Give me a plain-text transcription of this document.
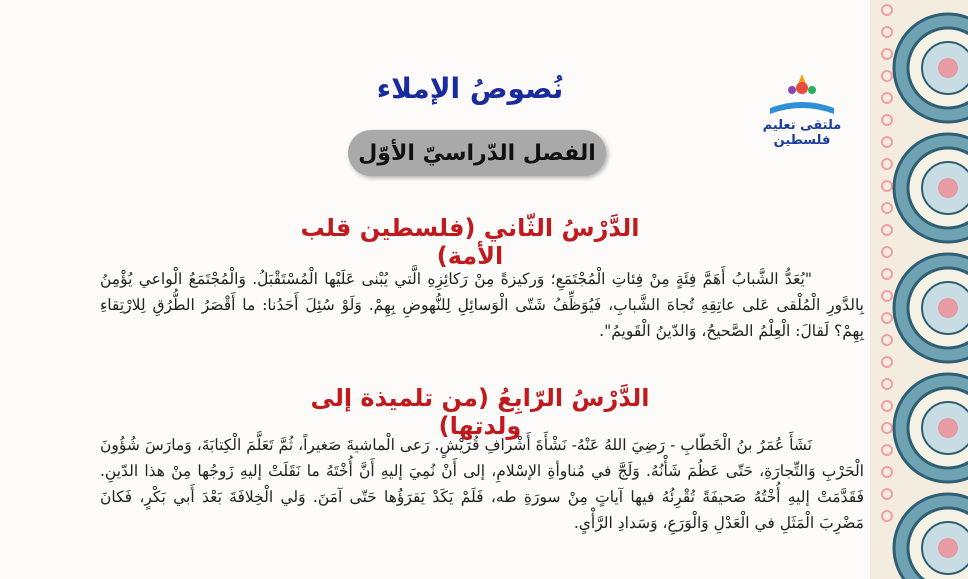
ملتقى تعليم فلسطين
نُصوصُ الإملاء
الفصل الدّراسيّ الأوّل
الدَّرْسُ الثّاني (فلسطين قلب الأمة)

"يُعَدُّ الشَّبابُ أَهَمَّ فِئَةٍ مِنْ فِئاتِ الْمُجْتَمَعِ؛ وَركيزةً مِنْ رَكائِزِهِ الَّتي يُبْنى عَلَيْها الْمُسْتَقْبَلُ. وَالْمُجْتَمَعُ الْواعي يُؤْمِنُ بِالدَّورِ الْمُلْقى عَلى عاتِقِهِ تُجاهَ الشَّبابِ، فَيُوَظِّفُ شَتّى الْوَسائِلِ لِلنُّهوضِ بِهِمْ. وَلَوْ سُئِلَ أَحَدُنا: ما أَقْصَرُ الطُّرُقِ لِلارْتِقاءِ بِهِمْ؟ لَقالَ: الْعِلْمُ الصَّحيحُ، وَالدّينُ الْقَويمُ".

الدَّرْسُ الرّابِعُ (من تلميذة إلى ولدتها)

نَشَأَ عُمَرُ بنُ الْخَطّابِ - رَضِيَ اللهُ عَنْهُ- نَشْأَةَ أَشْرافِ قُرَيْشٍ. رَعى الْماشيةَ صَغيراً، ثُمَّ تَعَلَّمَ الْكِتابَةَ، وَمارَسَ شُؤُونَ الْحَرْبِ وَالتِّجارَةِ، حَتّى عَظُمَ شَأْنُهُ. وَلَجَّ في مُناوأةِ الإسْلامِ، إلى أَنْ نُمِيَ إليهِ أَنَّ أُخْتَهُ ما نَقَلَتْ إليهِ زَوجُها مِنْ هذا الدّينِ. فَقَدَّمَتْ إليهِ أُخْتُهُ صَحيفَةً تُقْرِئُهُ فيها آياتٍ مِنْ سورَةِ طه، فَلَمْ يَكَدْ يَقرَؤُها حَتّى آمَنَ. وَلي الْخِلافَةَ بَعْدَ أَبي بَكْرٍ، فَكانَ مَضْرِبَ الْمَثَلِ في الْعَدْلِ وَالْوَرَعِ، وَسَدادِ الرَّأْيِ.
